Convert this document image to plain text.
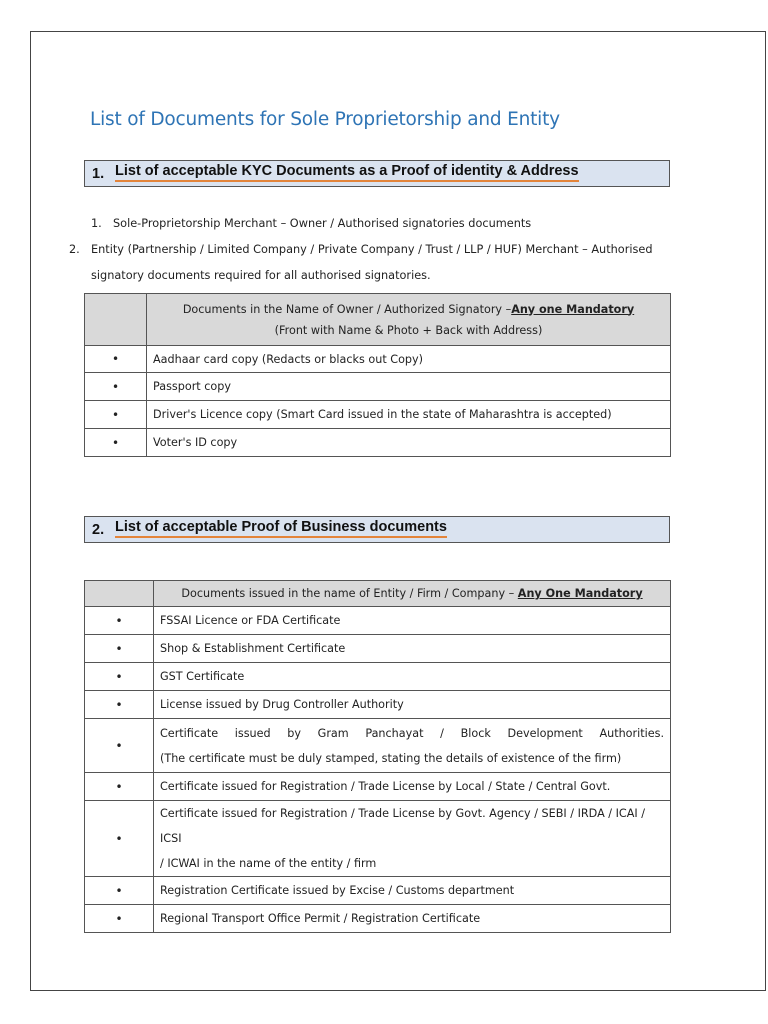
List of Documents for Sole Proprietorship and Entity
1. List of acceptable KYC Documents as a Proof of identity & Address
1. Sole-Proprietorship Merchant – Owner / Authorised signatories documents
2. Entity (Partnership / Limited Company / Private Company / Trust / LLP / HUF) Merchant – Authorised signatory documents required for all authorised signatories.

	Documents in the Name of Owner / Authorized Signatory –Any one Mandatory
(Front with Name & Photo + Back with Address)

•	Aadhaar card copy (Redacts or blacks out Copy)
•	Passport copy
•	Driver's Licence copy (Smart Card issued in the state of Maharashtra is accepted)
•	Voter's ID copy
2. List of acceptable Proof of Business documents
	Documents issued in the name of Entity / Firm / Company – Any One Mandatory
•	FSSAI Licence or FDA Certificate
•	Shop & Establishment Certificate
•	GST Certificate
•	License issued by Drug Controller Authority
•	Certificate issued by Gram Panchayat / Block Development Authorities.
(The certificate must be duly stamped, stating the details of existence of the firm)

•	Certificate issued for Registration / Trade License by Local / State / Central Govt.
•	Certificate issued for Registration / Trade License by Govt. Agency / SEBI / IRDA / ICAI / ICSI
/ ICWAI in the name of the entity / firm

•	Registration Certificate issued by Excise / Customs department
•	Regional Transport Office Permit / Registration Certificate
